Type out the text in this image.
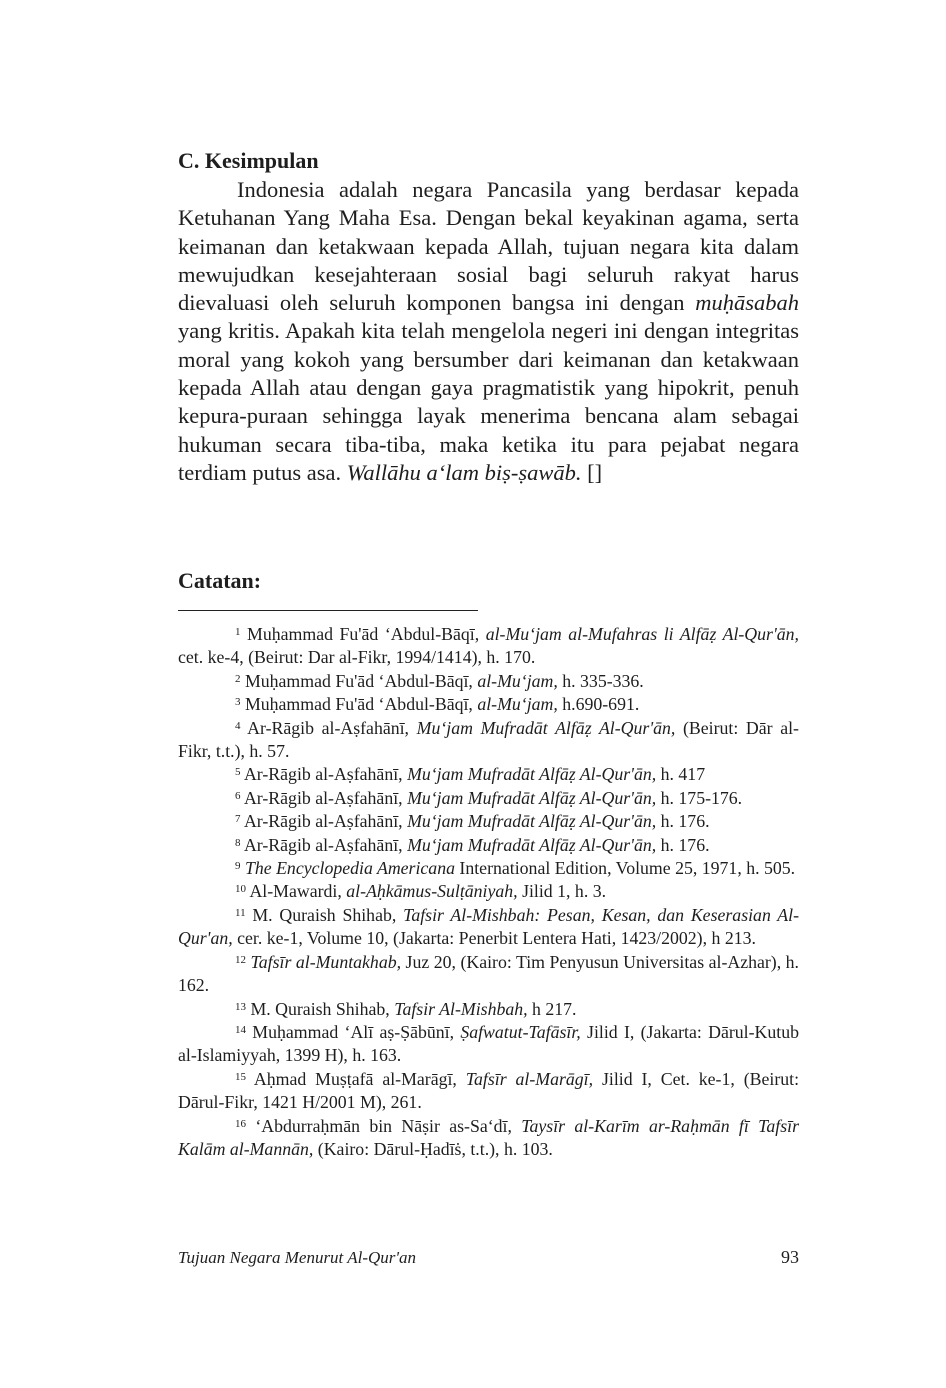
C. Kesimpulan

Indonesia adalah negara Pancasila yang berdasar kepada Ketuhanan Yang Maha Esa. Dengan bekal keyakinan agama, serta keimanan dan ketakwaan kepada Allah, tujuan negara kita dalam mewujudkan kesejahteraan sosial bagi seluruh rakyat harus dievaluasi oleh seluruh komponen bangsa ini dengan muḥāsabah yang kritis. Apakah kita telah mengelola negeri ini dengan integritas moral yang kokoh yang bersumber dari keimanan dan ketakwaan kepada Allah atau dengan gaya pragmatistik yang hipokrit, penuh kepura-puraan sehingga layak menerima bencana alam sebagai hukuman secara tiba-tiba, maka ketika itu para pejabat negara terdiam putus asa. Wallāhu a‘lam biṣ-ṣawāb. []

Catatan:

$^1$ Muḥammad Fu'ād ‘Abdul-Bāqī, al-Mu‘jam al-Mufahras li Alfāẓ Al-Qur'ān, cet. ke-4, (Beirut: Dar al-Fikr, 1994/1414), h. 170.

$^2$ Muḥammad Fu'ād ‘Abdul-Bāqī, al-Mu‘jam, h. 335-336.

$^3$ Muḥammad Fu'ād ‘Abdul-Bāqī, al-Mu‘jam, h.690-691.

$^4$ Ar-Rāgib al-Aṣfahānī, Mu‘jam Mufradāt Alfāẓ Al-Qur'ān, (Beirut: Dār al-Fikr, t.t.), h. 57.

$^5$ Ar-Rāgib al-Aṣfahānī, Mu‘jam Mufradāt Alfāẓ Al-Qur'ān, h. 417

$^6$ Ar-Rāgib al-Aṣfahānī, Mu‘jam Mufradāt Alfāẓ Al-Qur'ān, h. 175-176.

$^7$ Ar-Rāgib al-Aṣfahānī, Mu‘jam Mufradāt Alfāẓ Al-Qur'ān, h. 176.

$^8$ Ar-Rāgib al-Aṣfahānī, Mu‘jam Mufradāt Alfāẓ Al-Qur'ān, h. 176.

$^9$ The Encyclopedia Americana International Edition, Volume 25, 1971, h. 505.

$^{10}$ Al-Mawardi, al-Aḥkāmus-Sulṭāniyah, Jilid 1, h. 3.

$^{11}$ M. Quraish Shihab, Tafsir Al-Mishbah: Pesan, Kesan, dan Keserasian Al-Qur'an, cer. ke-1, Volume 10, (Jakarta: Penerbit Lentera Hati, 1423/2002), h 213.

$^{12}$ Tafsīr al-Muntakhab, Juz 20, (Kairo: Tim Penyusun Universitas al-Azhar), h. 162.

$^{13}$ M. Quraish Shihab, Tafsir Al-Mishbah, h 217.

$^{14}$ Muḥammad ‘Alī aṣ-Ṣābūnī, Ṣafwatut-Tafāsīr, Jilid I, (Jakarta: Dārul-Kutub al-Islamiyyah, 1399 H), h. 163.

$^{15}$ Aḥmad Muṣṭafā al-Marāgī, Tafsīr al-Marāgī, Jilid I, Cet. ke-1, (Beirut: Dārul-Fikr, 1421 H/2001 M), 261.

$^{16}$ ‘Abdurraḥmān bin Nāṣir as-Sa‘dī, Taysīr al-Karīm ar-Raḥmān fī Tafsīr Kalām al-Mannān, (Kairo: Dārul-Ḥadīṡ, t.t.), h. 103.

Tujuan Negara Menurut Al-Qur'an	93
